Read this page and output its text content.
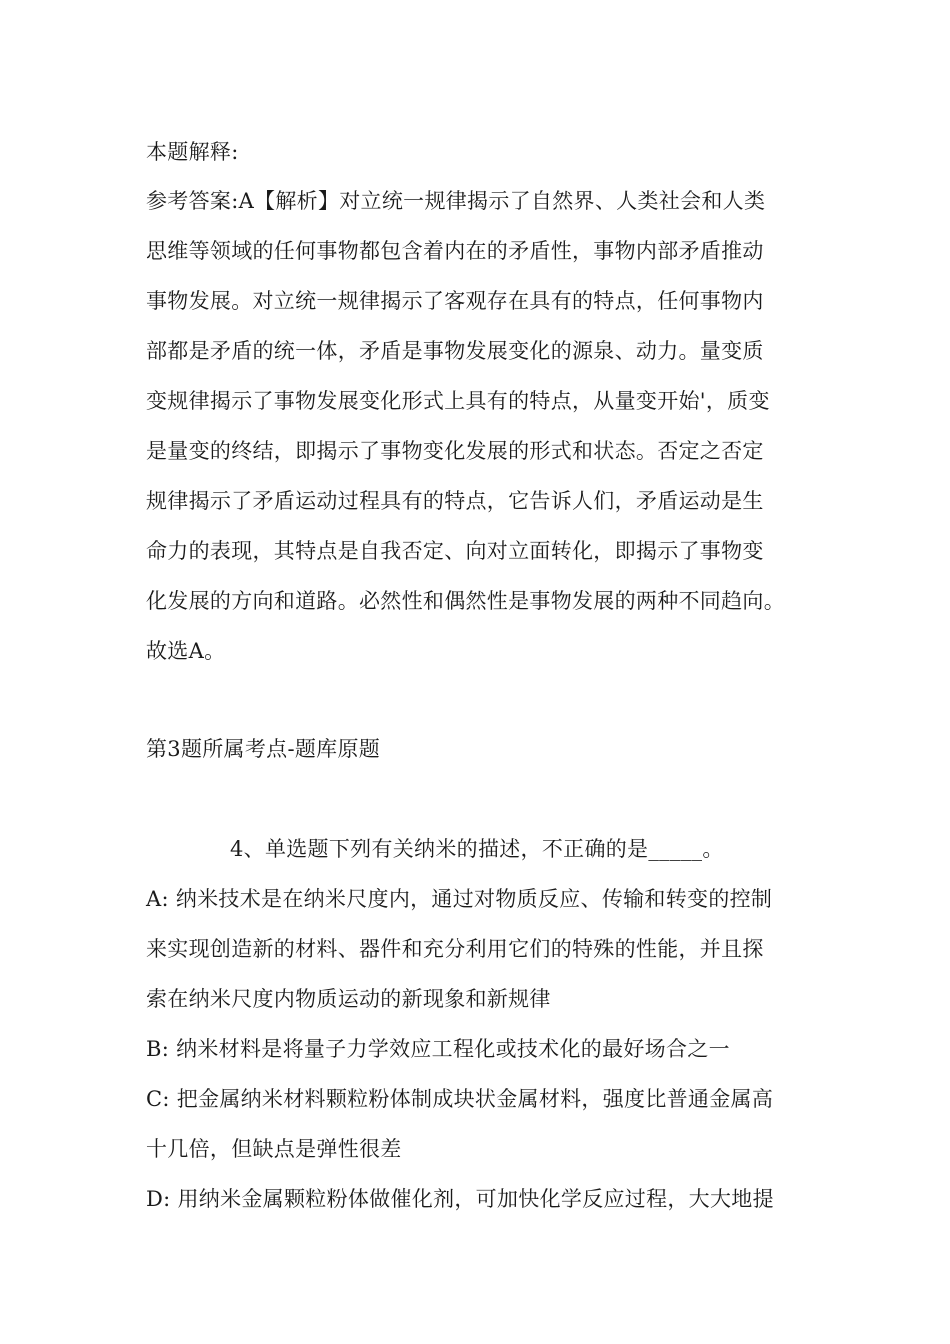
本题解释:
参考答案:A【解析】对立统一规律揭示了自然界、人类社会和人类
思维等领域的任何事物都包含着内在的矛盾性，事物内部矛盾推动
事物发展。对立统一规律揭示了客观存在具有的特点，任何事物内
部都是矛盾的统一体，矛盾是事物发展变化的源泉、动力。量变质
变规律揭示了事物发展变化形式上具有的特点，从量变开始'，质变
是量变的终结，即揭示了事物变化发展的形式和状态。否定之否定
规律揭示了矛盾运动过程具有的特点，它告诉人们，矛盾运动是生
命力的表现，其特点是自我否定、向对立面转化，即揭示了事物变
化发展的方向和道路。必然性和偶然性是事物发展的两种不同趋向。
故选A。
第3题所属考点-题库原题
4、单选题下列有关纳米的描述，不正确的是_____。
A: 纳米技术是在纳米尺度内，通过对物质反应、传输和转变的控制
来实现创造新的材料、器件和充分利用它们的特殊的性能，并且探
索在纳米尺度内物质运动的新现象和新规律
B: 纳米材料是将量子力学效应工程化或技术化的最好场合之一
C: 把金属纳米材料颗粒粉体制成块状金属材料，强度比普通金属高
十几倍，但缺点是弹性很差
D: 用纳米金属颗粒粉体做催化剂，可加快化学反应过程，大大地提
